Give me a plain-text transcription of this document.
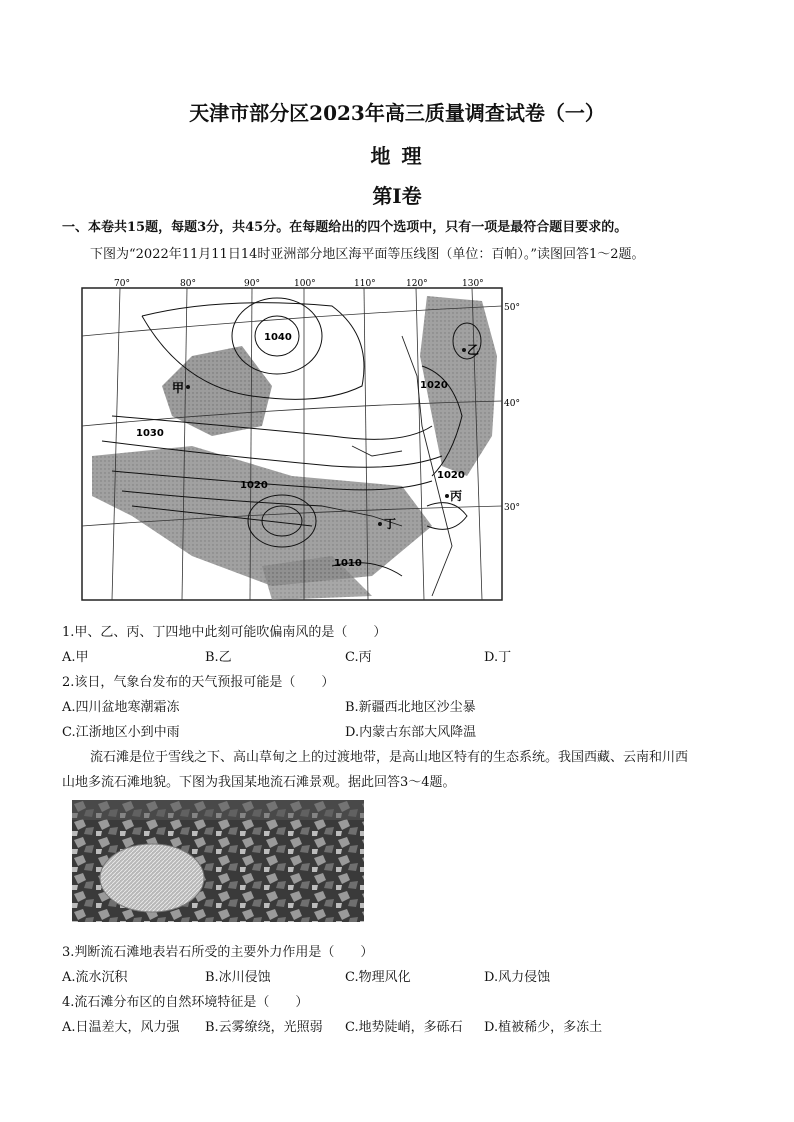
天津市部分区2023年高三质量调查试卷（一）
地 理
第I卷
一、本卷共15题，每题3分，共45分。在每题给出的四个选项中，只有一项是最符合题目要求的。
下图为“2022年11月11日14时亚洲部分地区海平面等压线图（单位：百帕）。”读图回答1～2题。
70°	80°	90°	100°	110°	120°	130°
50°
40°
30°
1040
1030
1020
1020
1020
1010
甲
乙
丙
丁
1.甲、乙、丙、丁四地中此刻可能吹偏南风的是（　　）
A.甲	B.乙	C.丙	D.丁
2.该日，气象台发布的天气预报可能是（　　）
A.四川盆地寒潮霜冻	B.新疆西北地区沙尘暴
C.江浙地区小到中雨	D.内蒙古东部大风降温
流石滩是位于雪线之下、高山草甸之上的过渡地带，是高山地区特有的生态系统。我国西藏、云南和川西
山地多流石滩地貌。下图为我国某地流石滩景观。据此回答3～4题。
3.判断流石滩地表岩石所受的主要外力作用是（　　）
A.流水沉积	B.冰川侵蚀	C.物理风化	D.风力侵蚀
4.流石滩分布区的自然环境特征是（　　）
A.日温差大，风力强 B.云雾缭绕，光照弱 C.地势陡峭，多砾石 D.植被稀少，多冻土
